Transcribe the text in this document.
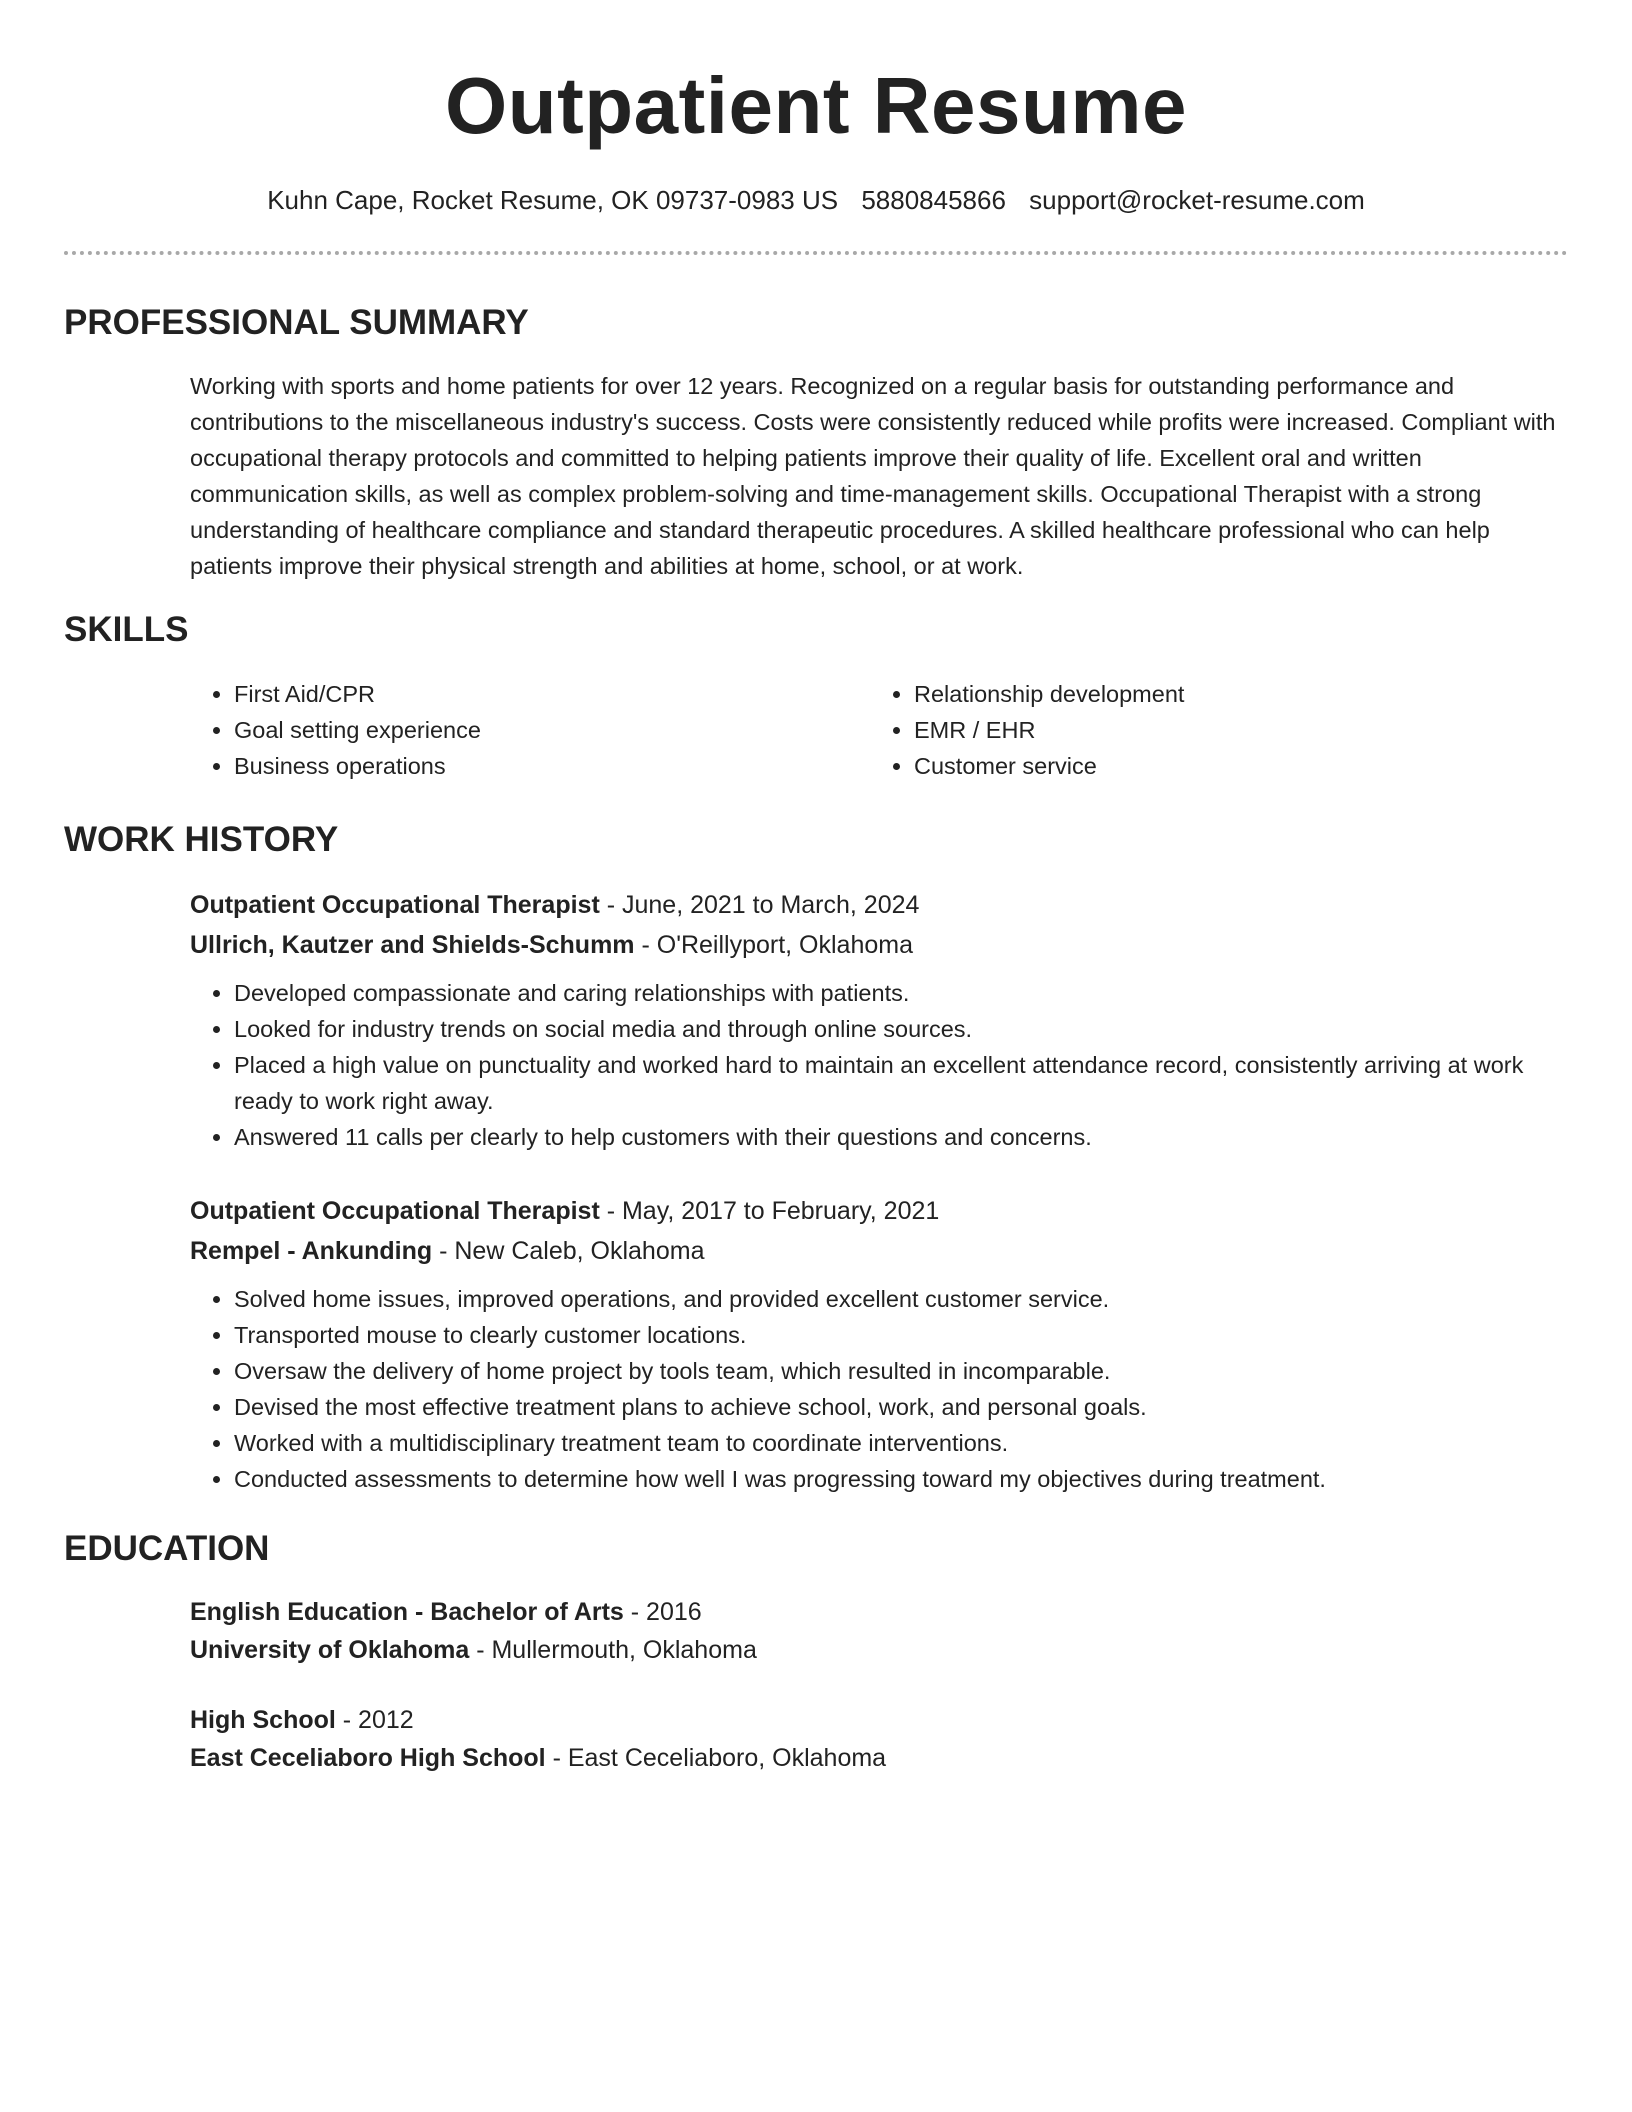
Outpatient Resume
Kuhn Cape, Rocket Resume, OK 09737-0983 US 5880845866 support@rocket-resume.com
PROFESSIONAL SUMMARY
Working with sports and home patients for over 12 years. Recognized on a regular basis for outstanding performance and contributions to the miscellaneous industry's success. Costs were consistently reduced while profits were increased. Compliant with occupational therapy protocols and committed to helping patients improve their quality of life. Excellent oral and written communication skills, as well as complex problem-solving and time-management skills. Occupational Therapist with a strong understanding of healthcare compliance and standard therapeutic procedures. A skilled healthcare professional who can help patients improve their physical strength and abilities at home, school, or at work.
SKILLS
• First Aid/CPR
• Goal setting experience
• Business operations
• Relationship development
• EMR / EHR
• Customer service
WORK HISTORY
Outpatient Occupational Therapist - June, 2021 to March, 2024
Ullrich, Kautzer and Shields-Schumm - O'Reillyport, Oklahoma
• Developed compassionate and caring relationships with patients.
• Looked for industry trends on social media and through online sources.
• Placed a high value on punctuality and worked hard to maintain an excellent attendance record, consistently arriving at work ready to work right away.
• Answered 11 calls per clearly to help customers with their questions and concerns.
Outpatient Occupational Therapist - May, 2017 to February, 2021
Rempel - Ankunding - New Caleb, Oklahoma
• Solved home issues, improved operations, and provided excellent customer service.
• Transported mouse to clearly customer locations.
• Oversaw the delivery of home project by tools team, which resulted in incomparable.
• Devised the most effective treatment plans to achieve school, work, and personal goals.
• Worked with a multidisciplinary treatment team to coordinate interventions.
• Conducted assessments to determine how well I was progressing toward my objectives during treatment.
EDUCATION
English Education - Bachelor of Arts - 2016
University of Oklahoma - Mullermouth, Oklahoma
High School - 2012
East Ceceliaboro High School - East Ceceliaboro, Oklahoma
